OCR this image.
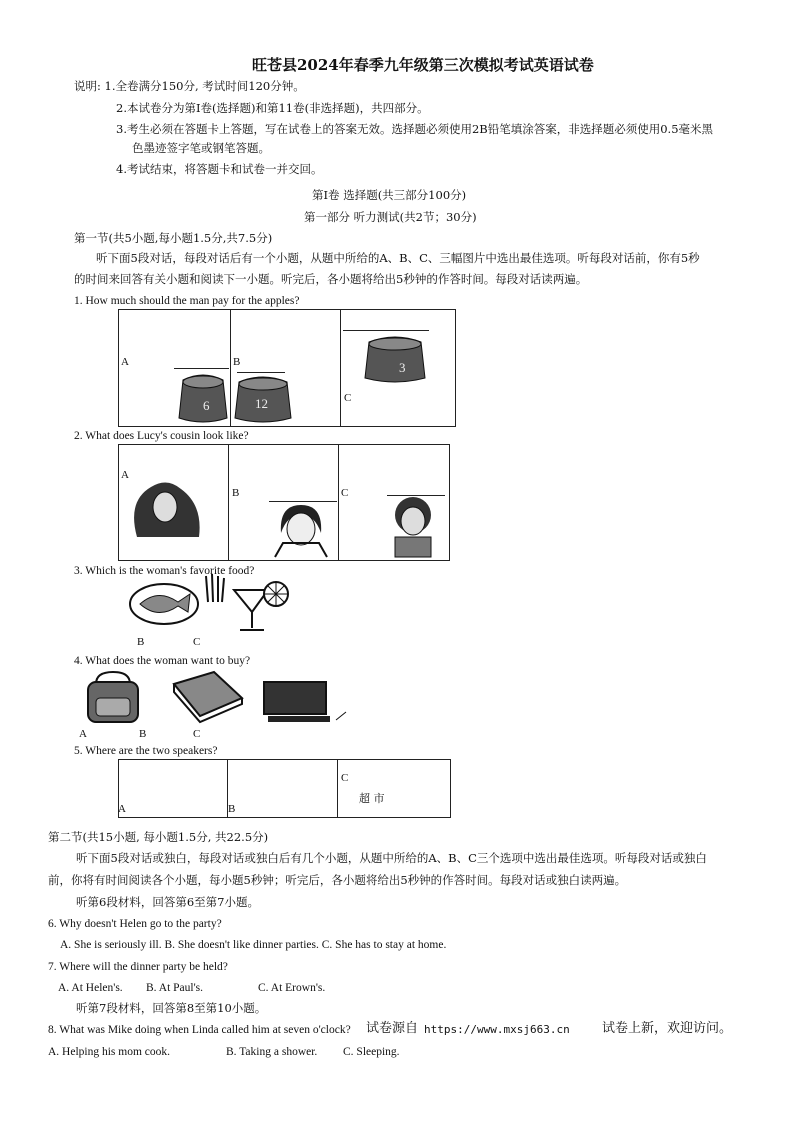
旺苍县2024年春季九年级第三次模拟考试英语试卷
说明: 1.全卷满分150分, 考试时间120分钟。
2.本试卷分为第Ⅰ卷(选择题)和第11卷(非选择题)，共四部分。
3.考生必须在答题卡上答题，写在试卷上的答案无效。选择题必须使用2B铅笔填涂答案，非选择题必须使用0.5毫米黑
色墨迹签字笔或钢笔答题。
4.考试结束，将答题卡和试卷一并交回。
第Ⅰ卷 选择题(共三部分100分)
第一部分 听力测试(共2节；30分)
第一节(共5小题,每小题1.5分,共7.5分)
听下面5段对话，每段对话后有一个小题，从题中所给的A、B、C、三幅图片中选出最佳选项。听每段对话前，你有5秒
的时间来回答有关小题和阅读下一小题。听完后，各小题将给出5秒钟的作答时间。每段对话读两遍。
1. How much should the man pay for the apples?
A	B
C
6	12
3
2. What does Lucy's cousin look like?
A
B	C
3. Which is the woman's favorite food?
B	C
4. What does the woman want to buy?
A	B	C
5. Where are the two speakers?
A	B
C
超 市
第二节(共15小题, 每小题1.5分, 共22.5分)
听下面5段对话或独白，每段对话或独白后有几个小题，从题中所给的A、B、C三个选项中选出最佳选项。听每段对话或独白
前，你将有时间阅读各个小题，每小题5秒钟；听完后，各小题将给出5秒钟的作答时间。每段对话或独白读两遍。
听第6段材料，回答第6至第7小题。
6. Why doesn't Helen go to the party?
A. She is seriously ill. B. She doesn't like dinner parties. C. She has to stay at home.
7. Where will the dinner party be held?
A. At Helen's. B. At Paul's.	C. At Erown's.
听第7段材料，回答第8至第10小题。
8. What was Mike doing when Linda called him at seven o'clock? 试卷源自 https://www.mxsj663.cn 试卷上新，欢迎访问。
A. Helping his mom cook.	B. Taking a shower. C. Sleeping.
